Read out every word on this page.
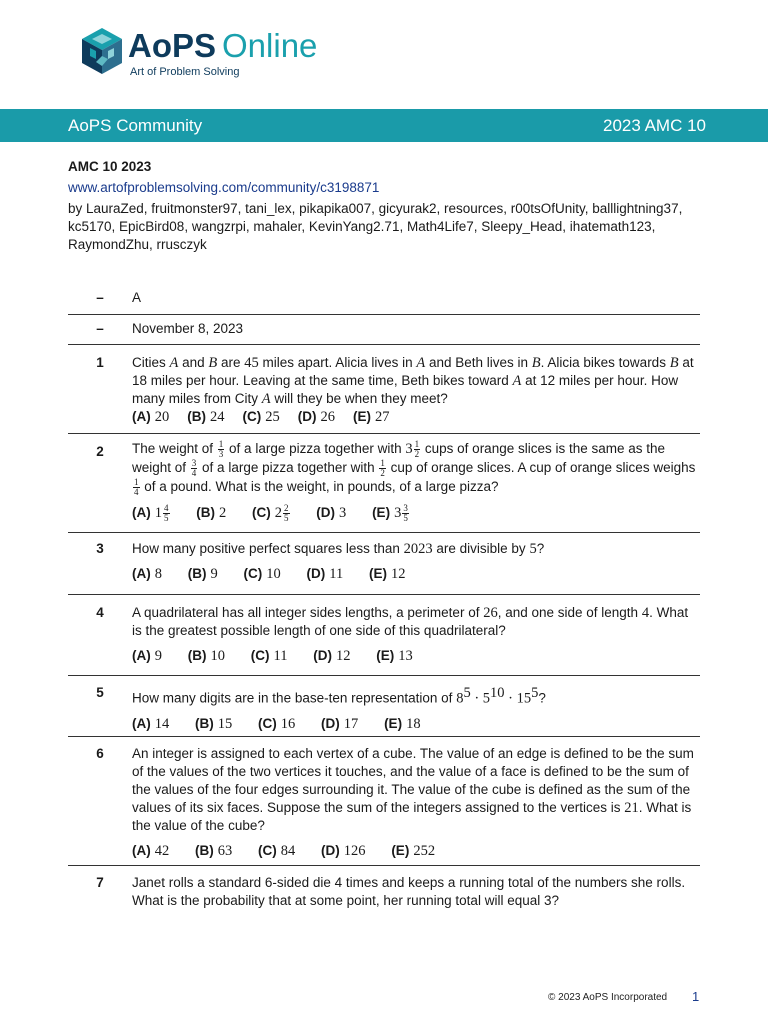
AoPS Online
Art of Problem Solving
AoPS Community	2023 AMC 10
AMC 10 2023
www.artofproblemsolving.com/community/c3198871
by LauraZed, fruitmonster97, tani_lex, pikapika007, gicyurak2, resources, r00tsOfUnity, balllightning37, kc5170, EpicBird08, wangzrpi, mahaler, KevinYang2.71, Math4Life7, Sleepy_Head, ihatemath123, RaymondZhu, rrusczyk
–	A
–	November 8, 2023
1	Cities A and B are 45 miles apart. Alicia lives in A and Beth lives in B. Alicia bikes towards B at 18 miles per hour. Leaving at the same time, Beth bikes toward A at 12 miles per hour. How many miles from City A will they be when they meet? (A) 20 (B) 24 (C) 25 (D) 26 (E) 27
2	The weight of $\frac{1}{3}$ of a large pizza together with $3 \frac{1}{2}$ cups of orange slices is the same as the weight of $\frac{3}{4}$ of a large pizza together with $\frac{1}{2}$ cup of orange slices. A cup of orange slices weighs
$\frac{1}{4}$ of a pound. What is the weight, in pounds, of a large pizza?
(A) $1 \frac{4}{5} (B)$ 2 (C) $2 \frac{2}{5} (D)$ 3 (E) $3 \frac{3}{5}$
3	How many positive perfect squares less than 2023 are divisible by 5?
(A) 8 (B) 9 (C) 10 (D) 11 (E) 12
4	A quadrilateral has all integer sides lengths, a perimeter of 26, and one side of length 4. What is the greatest possible length of one side of this quadrilateral?
(A) 9 (B) 10 (C) 11 (D) 12 (E) 13
5	How many digits are in the base-ten representation of $8^5 \cdot 5^{10} \cdot 15^5$?
(A) 14 (B) 15 (C) 16 (D) 17 (E) 18
6	An integer is assigned to each vertex of a cube. The value of an edge is defined to be the sum of the values of the two vertices it touches, and the value of a face is defined to be the sum of the values of the four edges surrounding it. The value of the cube is defined as the sum of the values of its six faces. Suppose the sum of the integers assigned to the vertices is 21. What is the value of the cube?
(A) 42 (B) 63 (C) 84 (D) 126 (E) 252
7	Janet rolls a standard 6-sided die 4 times and keeps a running total of the numbers she rolls. What is the probability that at some point, her running total will equal 3?
© 2023 AoPS Incorporated 1
